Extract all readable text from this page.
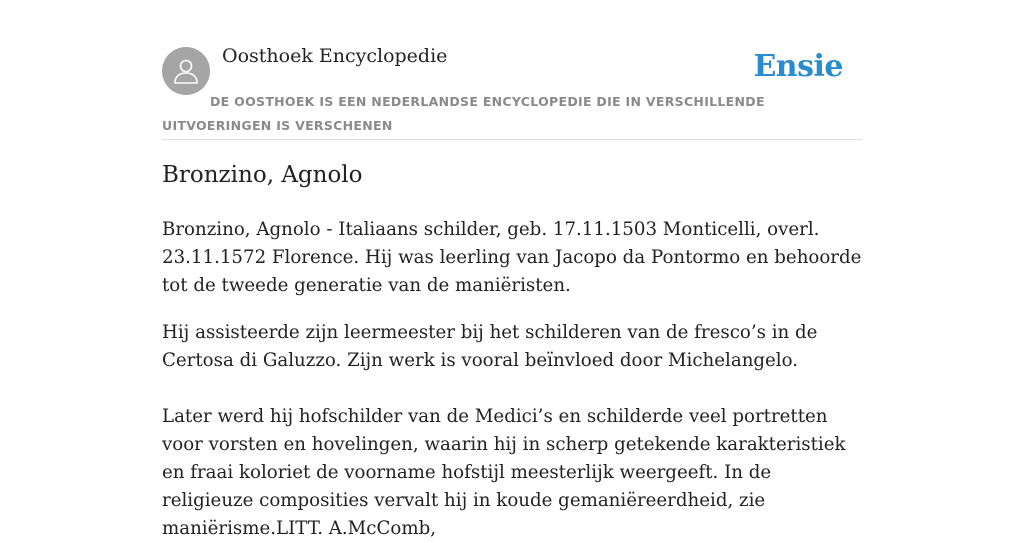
Oosthoek Encyclopedie	Ensie

DE OOSTHOEK IS EEN NEDERLANDSE ENCYCLOPEDIE DIE IN VERSCHILLENDE UITVOERINGEN IS VERSCHENEN

Bronzino, Agnolo

Bronzino, Agnolo - Italiaans schilder, geb. 17.11.1503 Monticelli, overl. 23.11.1572 Florence. Hij was leerling van Jacopo da Pontormo en behoorde tot de tweede generatie van de maniëristen.

Hij assisteerde zijn leermeester bij het schilderen van de fresco’s in de Certosa di Galuzzo. Zijn werk is vooral beïnvloed door Michelangelo.

Later werd hij hofschilder van de Medici’s en schilderde veel portretten voor vorsten en hovelingen, waarin hij in scherp getekende karakteristiek en fraai koloriet de voorname hofstijl meesterlijk weergeeft. In de religieuze composities vervalt hij in koude gemaniëreerdheid, zie maniërisme.LITT. A.McComb,
